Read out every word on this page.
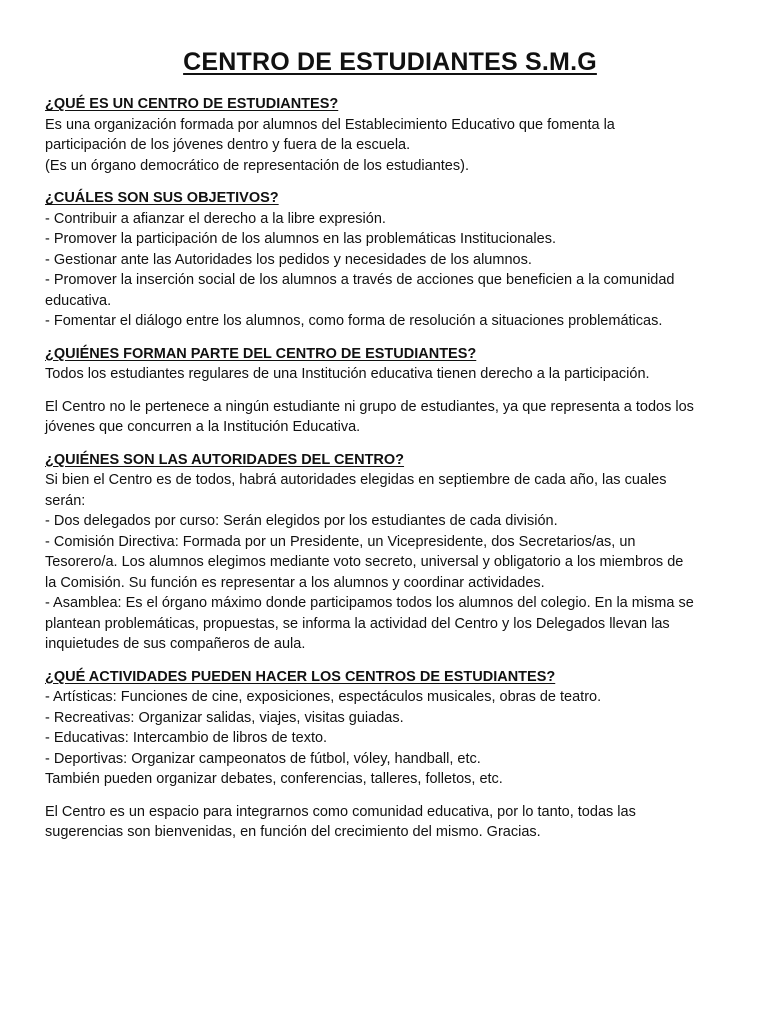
CENTRO DE ESTUDIANTES S.M.G
¿QUÉ ES UN CENTRO DE ESTUDIANTES?
Es una organización formada por alumnos del Establecimiento Educativo que fomenta la
participación de los jóvenes dentro y fuera de la escuela.
(Es un órgano democrático de representación de los estudiantes).
¿CUÁLES SON SUS OBJETIVOS?
- Contribuir a afianzar el derecho a la libre expresión.
- Promover la participación de los alumnos en las problemáticas Institucionales.
- Gestionar ante las Autoridades los pedidos y necesidades de los alumnos.
- Promover la inserción social de los alumnos a través de acciones que beneficien a la comunidad
educativa.
- Fomentar el diálogo entre los alumnos, como forma de resolución a situaciones problemáticas.
¿QUIÉNES FORMAN PARTE DEL CENTRO DE ESTUDIANTES?
Todos los estudiantes regulares de una Institución educativa tienen derecho a la participación.
El Centro no le pertenece a ningún estudiante ni grupo de estudiantes, ya que representa a todos los
jóvenes que concurren a la Institución Educativa.
¿QUIÉNES SON LAS AUTORIDADES DEL CENTRO?
Si bien el Centro es de todos, habrá autoridades elegidas en septiembre de cada año, las cuales
serán:
- Dos delegados por curso: Serán elegidos por los estudiantes de cada división.
- Comisión Directiva: Formada por un Presidente, un Vicepresidente, dos Secretarios/as, un
Tesorero/a. Los alumnos elegimos mediante voto secreto, universal y obligatorio a los miembros de
la Comisión. Su función es representar a los alumnos y coordinar actividades.
- Asamblea: Es el órgano máximo donde participamos todos los alumnos del colegio. En la misma se
plantean problemáticas, propuestas, se informa la actividad del Centro y los Delegados llevan las
inquietudes de sus compañeros de aula.
¿QUÉ ACTIVIDADES PUEDEN HACER LOS CENTROS DE ESTUDIANTES?
- Artísticas: Funciones de cine, exposiciones, espectáculos musicales, obras de teatro.
- Recreativas: Organizar salidas, viajes, visitas guiadas.
- Educativas: Intercambio de libros de texto.
- Deportivas: Organizar campeonatos de fútbol, vóley, handball, etc.
También pueden organizar debates, conferencias, talleres, folletos, etc.
El Centro es un espacio para integrarnos como comunidad educativa, por lo tanto, todas las
sugerencias son bienvenidas, en función del crecimiento del mismo. Gracias.
